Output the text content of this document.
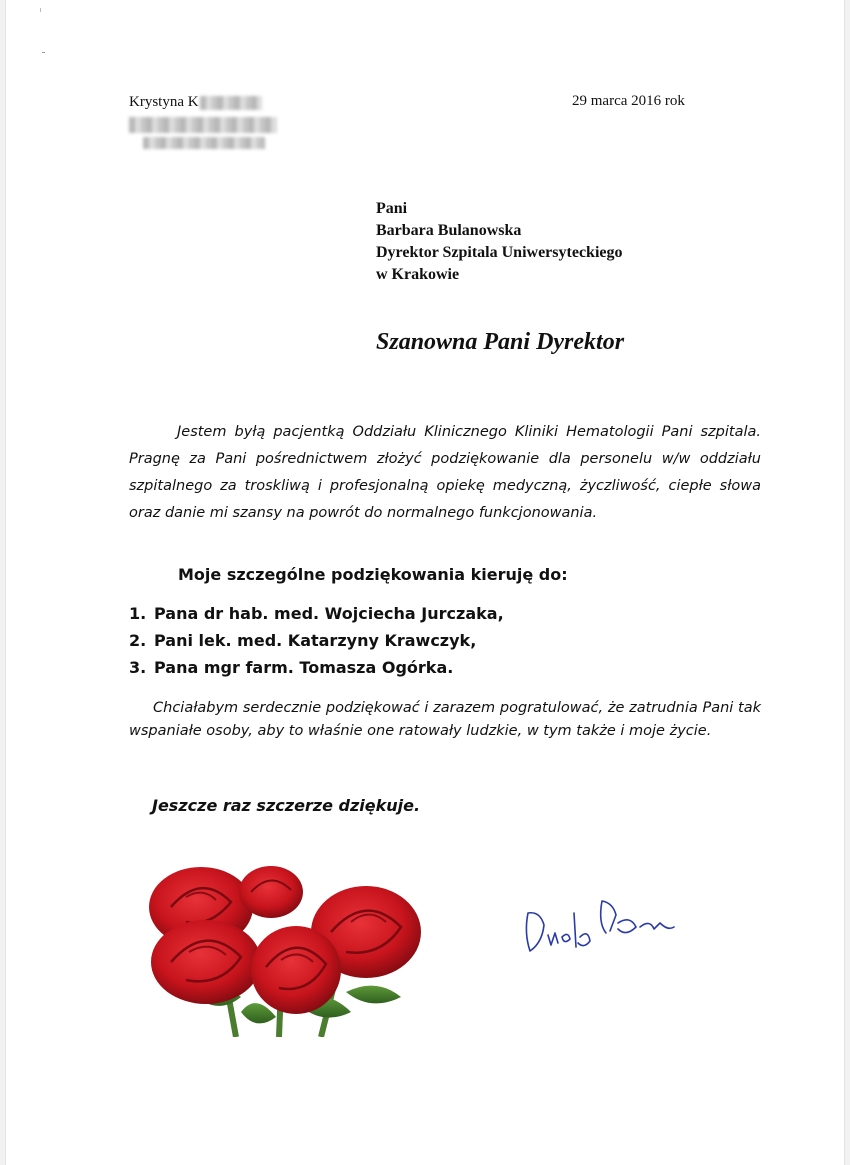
Krystyna K	29 marca 2016 rok
Pani
Barbara Bulanowska
Dyrektor Szpitala Uniwersyteckiego
w Krakowie
Szanowna Pani Dyrektor

Jestem byłą pacjentką Oddziału Klinicznego Kliniki Hematologii Pani szpitala. Pragnę za Pani pośrednictwem złożyć podziękowanie dla personelu w/w oddziału szpitalnego za troskliwą i profesjonalną opiekę medyczną, życzliwość, ciepłe słowa oraz danie mi szansy na powrót do normalnego funkcjonowania.

Moje szczególne podziękowania kieruję do:
1. Pana dr hab. med. Wojciecha Jurczaka,
2. Pani lek. med. Katarzyny Krawczyk,
3. Pana mgr farm. Tomasza Ogórka.

Chciałabym serdecznie podziękować i zarazem pogratulować, że zatrudnia Pani tak wspaniałe osoby, aby to właśnie one ratowały ludzkie, w tym także i moje życie.

Jeszcze raz szczerze dziękuje.
